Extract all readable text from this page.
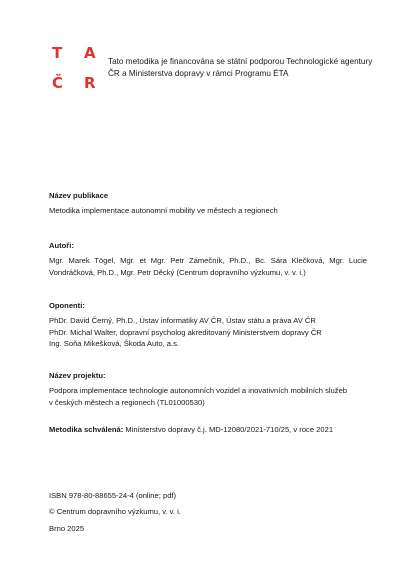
T A
Č R

Tato metodika je financována se státní podporou Technologické agentury ČR a Ministerstva dopravy v rámci Programu ÉTA

Název publikace

Metodika implementace autonomní mobility ve městech a regionech

Autoři:

Mgr. Marek Tögel, Mgr. et Mgr. Petr Zámečník, Ph.D., Bc. Sára Klečková, Mgr. Lucie Vondráčková, Ph.D., Mgr. Petr Děcký (Centrum dopravního výzkumu, v. v. i.)

Oponenti:

PhDr. David Černý, Ph.D., Ústav informatiky AV ČR, Ústav státu a práva AV ČR
PhDr. Michal Walter, dopravní psycholog akreditovaný Ministerstvem dopravy ČR
Ing. Soňa Mikešková, Škoda Auto, a.s.

Název projektu:

Podpora implementace technologie autonomních vozidel a inovativních mobilních služeb
v českých městech a regionech (TL01000530)

Metodika schválená: Ministerstvo dopravy č.j. MD-12080/2021-710/25, v roce 2021

ISBN 978-80-88655-24-4 (online; pdf)
© Centrum dopravního výzkumu, v. v. i.
Brno 2025
